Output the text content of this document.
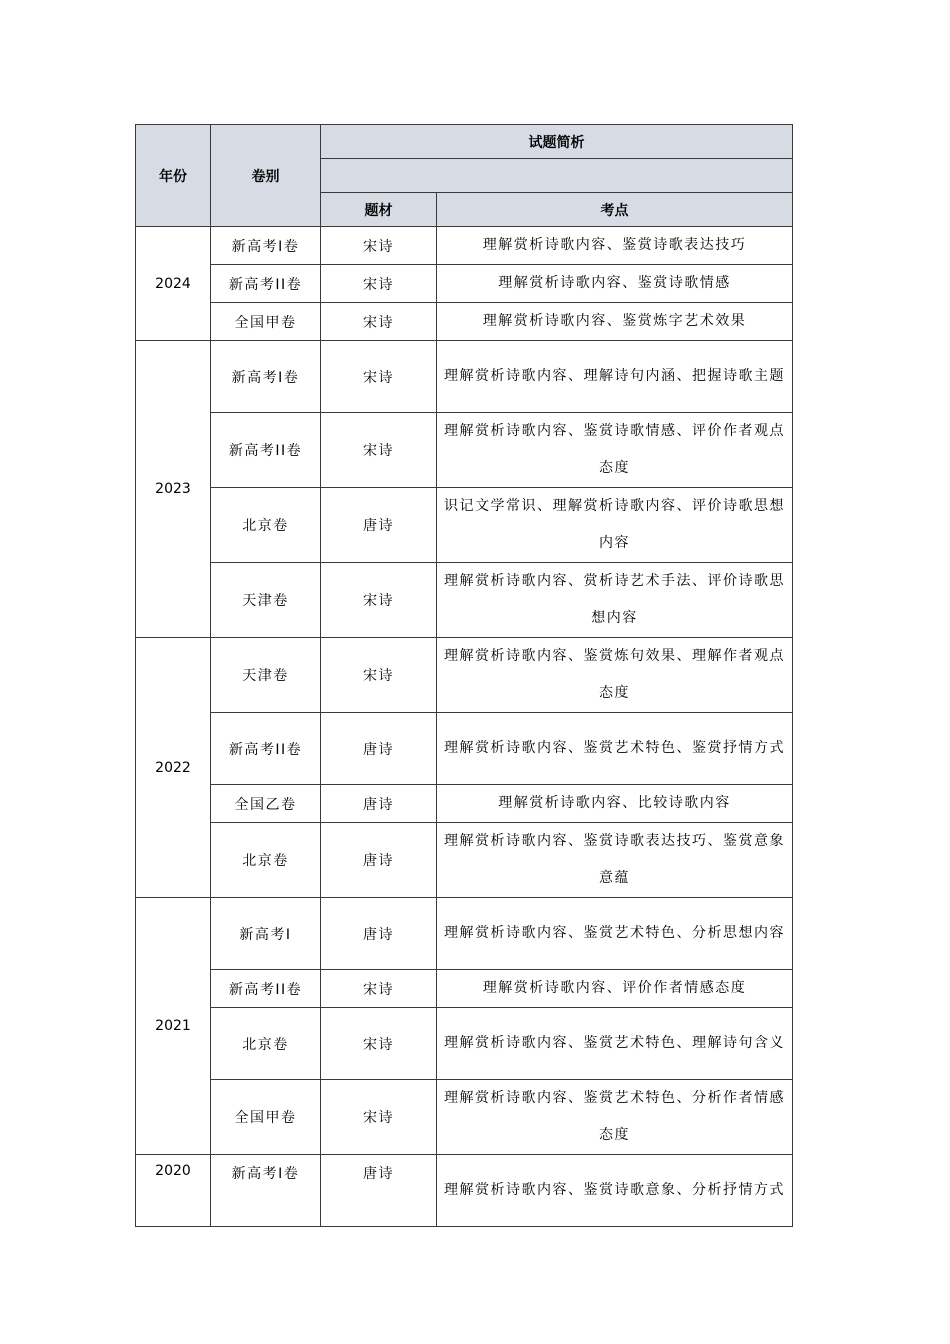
年份	卷别	试题简析	

		题材	考点
2024	新高考Ⅰ卷	宋诗	理解赏析诗歌内容、鉴赏诗歌表达技巧
	新高考II卷	宋诗	理解赏析诗歌内容、鉴赏诗歌情感
	全国甲卷	宋诗	理解赏析诗歌内容、鉴赏炼字艺术效果
2023	新高考Ⅰ卷	宋诗	理解赏析诗歌内容、理解诗句内涵、把握诗歌主题
	新高考II卷	宋诗	理解赏析诗歌内容、鉴赏诗歌情感、评价作者观点态度
	北京卷	唐诗	识记文学常识、理解赏析诗歌内容、评价诗歌思想内容
	天津卷	宋诗	理解赏析诗歌内容、赏析诗艺术手法、评价诗歌思想内容
2022	天津卷	宋诗	理解赏析诗歌内容、鉴赏炼句效果、理解作者观点态度
	新高考II卷	唐诗	理解赏析诗歌内容、鉴赏艺术特色、鉴赏抒情方式
	全国乙卷	唐诗	理解赏析诗歌内容、比较诗歌内容
	北京卷	唐诗	理解赏析诗歌内容、鉴赏诗歌表达技巧、鉴赏意象意蕴
2021	新高考Ⅰ	唐诗	理解赏析诗歌内容、鉴赏艺术特色、分析思想内容
	新高考II卷	宋诗	理解赏析诗歌内容、评价作者情感态度
	北京卷	宋诗	理解赏析诗歌内容、鉴赏艺术特色、理解诗句含义
	全国甲卷	宋诗	理解赏析诗歌内容、鉴赏艺术特色、分析作者情感态度
2020	新高考Ⅰ卷	唐诗	理解赏析诗歌内容、鉴赏诗歌意象、分析抒情方式
